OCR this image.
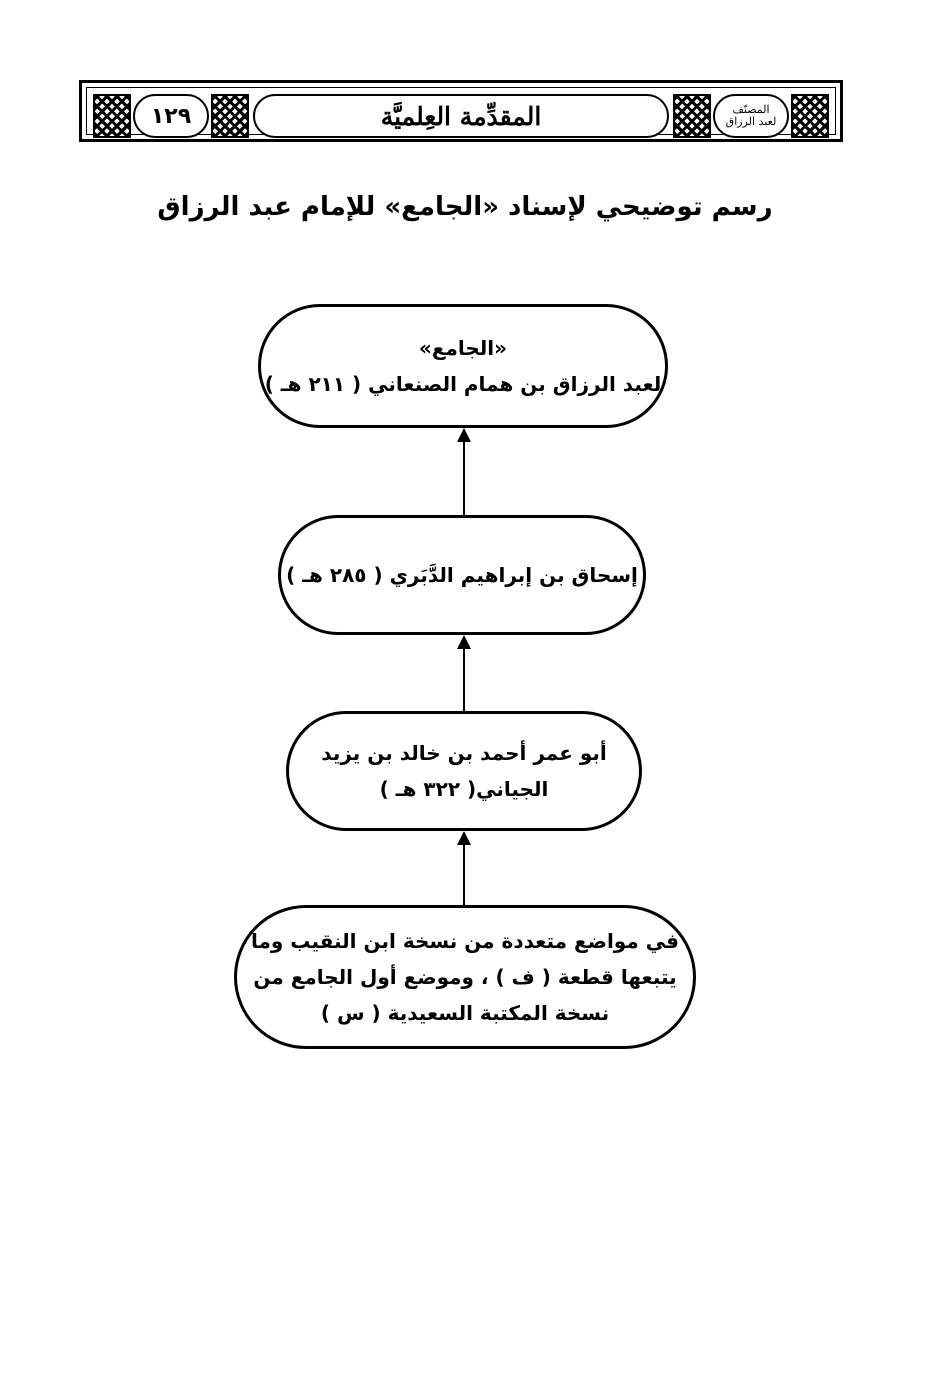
١٢٩	المقدِّمة العِلميَّة	المصنّف
لعبد الرزاق
رسم توضيحي لإسناد «الجامع» للإمام عبد الرزاق
«الجامع»
لعبد الرزاق بن همام الصنعاني ( ٢١١ هـ )
إسحاق بن إبراهيم الدَّبَري ( ٢٨٥ هـ )
أبو عمر أحمد بن خالد بن يزيد
الجياني( ٣٢٢ هـ )
في مواضع متعددة من نسخة ابن النقيب وما
يتبعها قطعة ( ف ) ، وموضع أول الجامع من
نسخة المكتبة السعيدية ( س )
